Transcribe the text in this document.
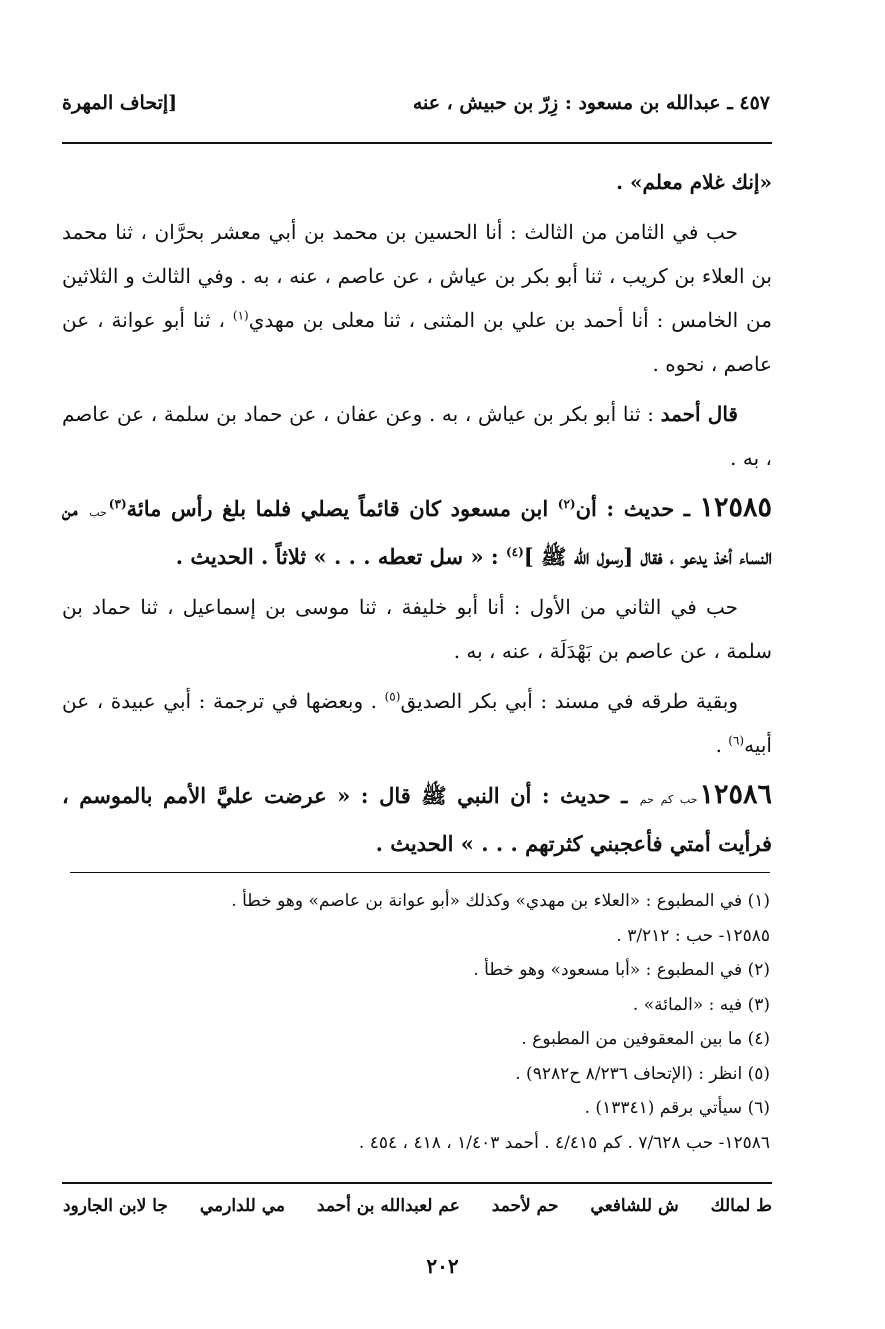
٤٥٧ ـ عبدالله بن مسعود : زِرّ بن حبيش ، عنه
[إتحاف المهرة

«إنك غلام معلم» .

حب في الثامن من الثالث : أنا الحسين بن محمد بن أبي معشر بحرَّان ، ثنا محمد بن العلاء بن كريب ، ثنا أبو بكر بن عياش ، عن عاصم ، عنه ، به . وفي الثالث و الثلاثين من الخامس : أنا أحمد بن علي بن المثنى ، ثنا معلى بن مهدي$^{(١)}$ ، ثنا أبو عوانة ، عن عاصم ، نحوه .

قال أحمد : ثنا أبو بكر بن عياش ، به . وعن عفان ، عن حماد بن سلمة ، عن عاصم ، به .

١٢٥٨٥ ـ حديث : أن$^{(٢)}$ ابن مسعود كان قائماً يصلي فلما بلغ رأس مائة$^{(٣)}$حب من النساء أخذ يدعو ، فقال [رسول الله ﷺ ]$^{(٤)}$ : « سل تعطه . . . » ثلاثاً . الحديث .

حب في الثاني من الأول : أنا أبو خليفة ، ثنا موسى بن إسماعيل ، ثنا حماد بن سلمة ، عن عاصم بن بَهْدَلَة ، عنه ، به .

وبقية طرقه في مسند : أبي بكر الصديق$^{(٥)}$ . وبعضها في ترجمة : أبي عبيدة ، عن أبيه$^{(٦)}$ .

١٢٥٨٦حب كم حم ـ حديث : أن النبي ﷺ قال : « عرضت عليَّ الأمم بالموسم ، فرأيت أمتي فأعجبني كثرتهم . . . » الحديث .

(١) في المطبوع : «العلاء بن مهدي» وكذلك «أبو عوانة بن عاصم» وهو خطأ .
١٢٥٨٥- حب : ٣/٢١٢ .
(٢) في المطبوع : «أبا مسعود» وهو خطأ .
(٣) فيه : «المائة» .
(٤) ما بين المعقوفين من المطبوع .
(٥) انظر : (الإتحاف ٨/٢٣٦ ح٩٢٨٢) .
(٦) سيأتي برقم (١٣٣٤١) .
١٢٥٨٦- حب ٧/٦٢٨ . كم ٤/٤١٥ . أحمد ١/٤٠٣ ، ٤١٨ ، ٤٥٤ .
ط لمالك ش للشافعي حم لأحمد عم لعبدالله بن أحمد مي للدارمي جا لابن الجارود
٢٠٢
